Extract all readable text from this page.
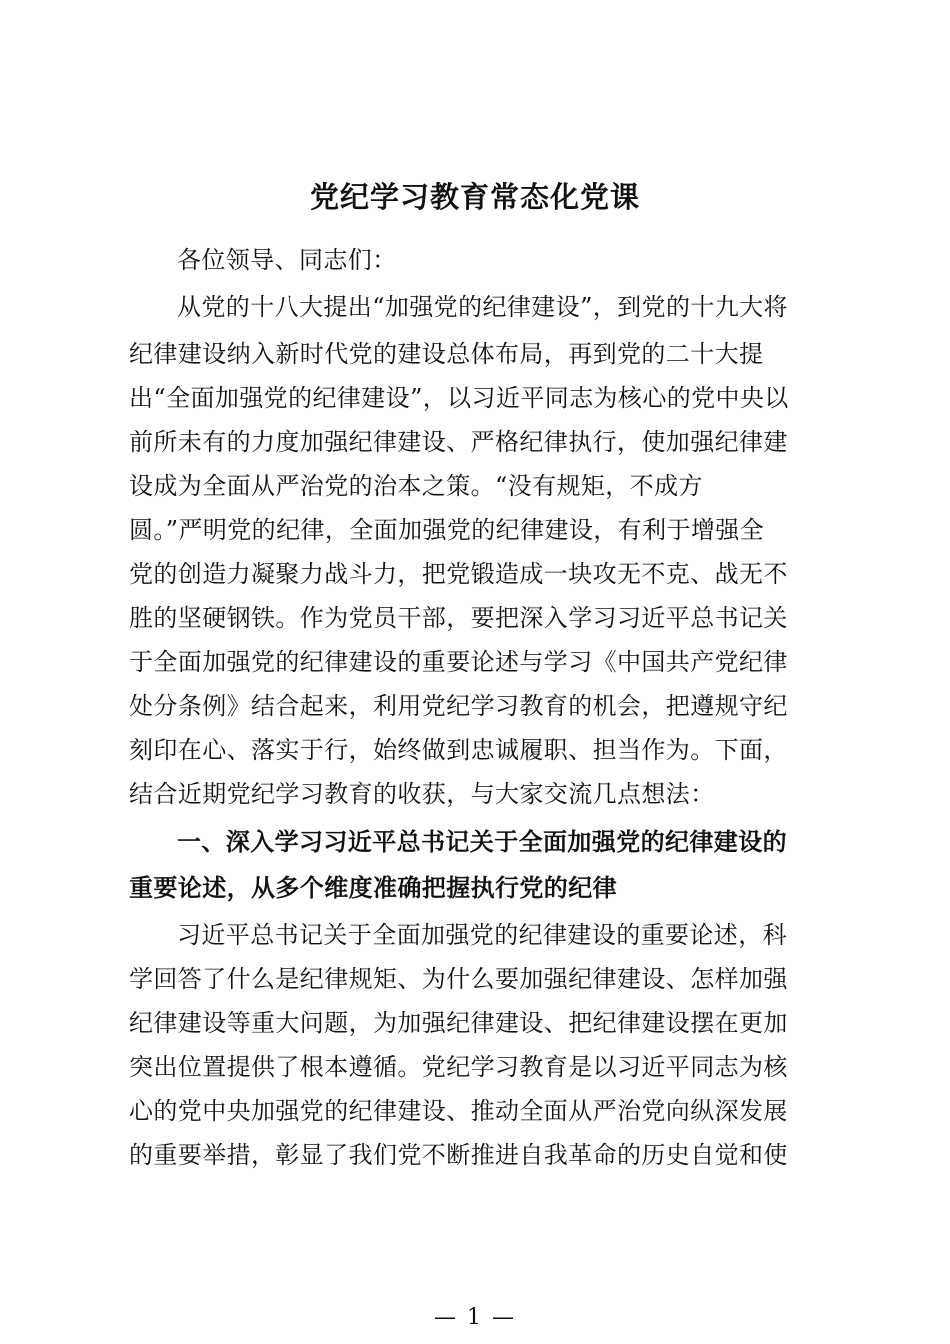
党纪学习教育常态化党课
各位领导、同志们：
从党的十八大提出“加强党的纪律建设”，到党的十九大将
纪律建设纳入新时代党的建设总体布局，再到党的二十大提
出“全面加强党的纪律建设”，以习近平同志为核心的党中央以
前所未有的力度加强纪律建设、严格纪律执行，使加强纪律建
设成为全面从严治党的治本之策。“没有规矩，不成方
圆。”严明党的纪律，全面加强党的纪律建设，有利于增强全
党的创造力凝聚力战斗力，把党锻造成一块攻无不克、战无不
胜的坚硬钢铁。作为党员干部，要把深入学习习近平总书记关
于全面加强党的纪律建设的重要论述与学习《中国共产党纪律
处分条例》结合起来，利用党纪学习教育的机会，把遵规守纪
刻印在心、落实于行，始终做到忠诚履职、担当作为。下面，
结合近期党纪学习教育的收获，与大家交流几点想法：
一、深入学习习近平总书记关于全面加强党的纪律建设的
重要论述，从多个维度准确把握执行党的纪律
习近平总书记关于全面加强党的纪律建设的重要论述，科
学回答了什么是纪律规矩、为什么要加强纪律建设、怎样加强
纪律建设等重大问题，为加强纪律建设、把纪律建设摆在更加
突出位置提供了根本遵循。党纪学习教育是以习近平同志为核
心的党中央加强党的纪律建设、推动全面从严治党向纵深发展
的重要举措，彰显了我们党不断推进自我革命的历史自觉和使
— 1 —
